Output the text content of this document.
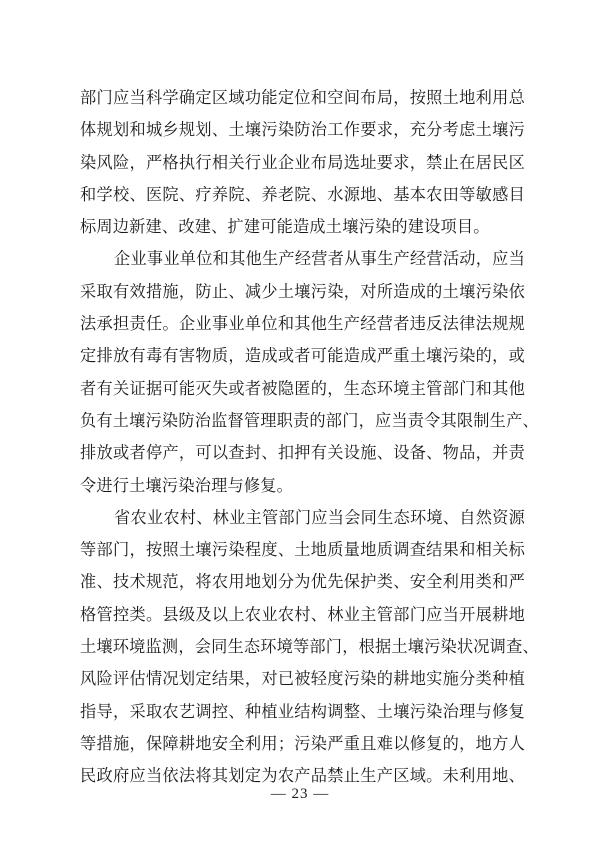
部门应当科学确定区域功能定位和空间布局，按照土地利用总
体规划和城乡规划、土壤污染防治工作要求，充分考虑土壤污
染风险，严格执行相关行业企业布局选址要求，禁止在居民区
和学校、医院、疗养院、养老院、水源地、基本农田等敏感目
标周边新建、改建、扩建可能造成土壤污染的建设项目。
企业事业单位和其他生产经营者从事生产经营活动，应当
采取有效措施，防止、减少土壤污染，对所造成的土壤污染依
法承担责任。企业事业单位和其他生产经营者违反法律法规规
定排放有毒有害物质，造成或者可能造成严重土壤污染的，或
者有关证据可能灭失或者被隐匿的，生态环境主管部门和其他
负有土壤污染防治监督管理职责的部门，应当责令其限制生产、
排放或者停产，可以查封、扣押有关设施、设备、物品，并责
令进行土壤污染治理与修复。
省农业农村、林业主管部门应当会同生态环境、自然资源
等部门，按照土壤污染程度、土地质量地质调查结果和相关标
准、技术规范，将农用地划分为优先保护类、安全利用类和严
格管控类。县级及以上农业农村、林业主管部门应当开展耕地
土壤环境监测，会同生态环境等部门，根据土壤污染状况调查、
风险评估情况划定结果，对已被轻度污染的耕地实施分类种植
指导，采取农艺调控、种植业结构调整、土壤污染治理与修复
等措施，保障耕地安全利用；污染严重且难以修复的，地方人
民政府应当依法将其划定为农产品禁止生产区域。未利用地、
— 23 —
